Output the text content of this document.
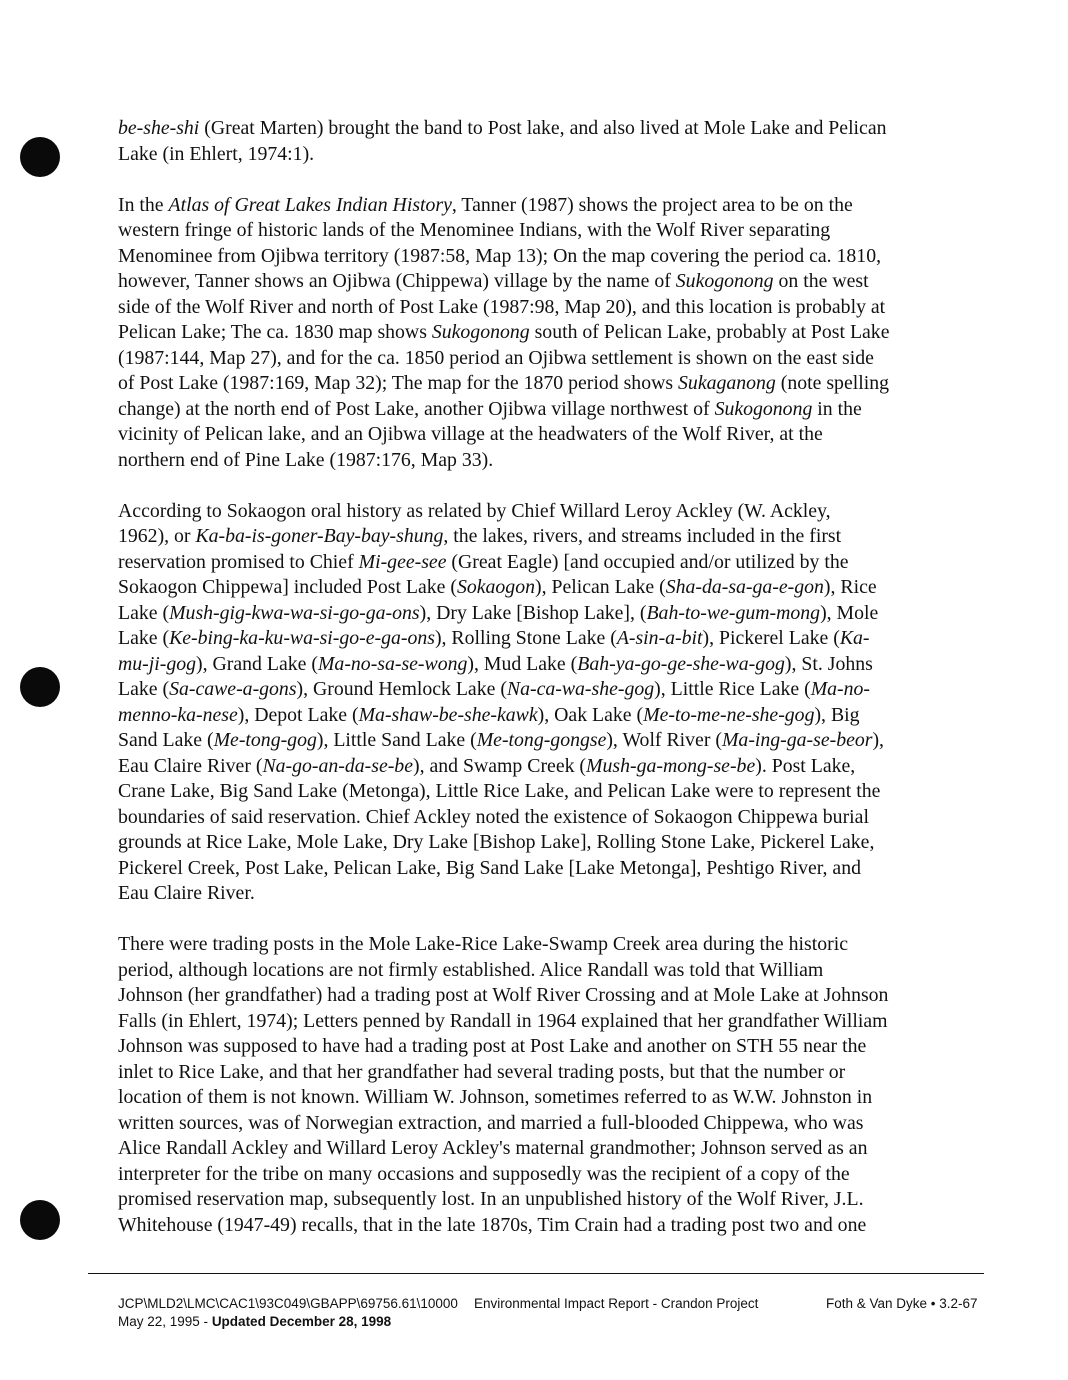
be-she-shi (Great Marten) brought the band to Post lake, and also lived at Mole Lake and Pelican
Lake (in Ehlert, 1974:1).

In the Atlas of Great Lakes Indian History, Tanner (1987) shows the project area to be on the
western fringe of historic lands of the Menominee Indians, with the Wolf River separating
Menominee from Ojibwa territory (1987:58, Map 13); On the map covering the period ca. 1810,
however, Tanner shows an Ojibwa (Chippewa) village by the name of Sukogonong on the west
side of the Wolf River and north of Post Lake (1987:98, Map 20), and this location is probably at
Pelican Lake; The ca. 1830 map shows Sukogonong south of Pelican Lake, probably at Post Lake
(1987:144, Map 27), and for the ca. 1850 period an Ojibwa settlement is shown on the east side
of Post Lake (1987:169, Map 32); The map for the 1870 period shows Sukaganong (note spelling
change) at the north end of Post Lake, another Ojibwa village northwest of Sukogonong in the
vicinity of Pelican lake, and an Ojibwa village at the headwaters of the Wolf River, at the
northern end of Pine Lake (1987:176, Map 33).

According to Sokaogon oral history as related by Chief Willard Leroy Ackley (W. Ackley,
1962), or Ka-ba-is-goner-Bay-bay-shung, the lakes, rivers, and streams included in the first
reservation promised to Chief Mi-gee-see (Great Eagle) [and occupied and/or utilized by the
Sokaogon Chippewa] included Post Lake (Sokaogon), Pelican Lake (Sha-da-sa-ga-e-gon), Rice
Lake (Mush-gig-kwa-wa-si-go-ga-ons), Dry Lake [Bishop Lake], (Bah-to-we-gum-mong), Mole
Lake (Ke-bing-ka-ku-wa-si-go-e-ga-ons), Rolling Stone Lake (A-sin-a-bit), Pickerel Lake (Ka-
mu-ji-gog), Grand Lake (Ma-no-sa-se-wong), Mud Lake (Bah-ya-go-ge-she-wa-gog), St. Johns
Lake (Sa-cawe-a-gons), Ground Hemlock Lake (Na-ca-wa-she-gog), Little Rice Lake (Ma-no-
menno-ka-nese), Depot Lake (Ma-shaw-be-she-kawk), Oak Lake (Me-to-me-ne-she-gog), Big
Sand Lake (Me-tong-gog), Little Sand Lake (Me-tong-gongse), Wolf River (Ma-ing-ga-se-beor),
Eau Claire River (Na-go-an-da-se-be), and Swamp Creek (Mush-ga-mong-se-be). Post Lake,
Crane Lake, Big Sand Lake (Metonga), Little Rice Lake, and Pelican Lake were to represent the
boundaries of said reservation. Chief Ackley noted the existence of Sokaogon Chippewa burial
grounds at Rice Lake, Mole Lake, Dry Lake [Bishop Lake], Rolling Stone Lake, Pickerel Lake,
Pickerel Creek, Post Lake, Pelican Lake, Big Sand Lake [Lake Metonga], Peshtigo River, and
Eau Claire River.

There were trading posts in the Mole Lake-Rice Lake-Swamp Creek area during the historic
period, although locations are not firmly established. Alice Randall was told that William
Johnson (her grandfather) had a trading post at Wolf River Crossing and at Mole Lake at Johnson
Falls (in Ehlert, 1974); Letters penned by Randall in 1964 explained that her grandfather William
Johnson was supposed to have had a trading post at Post Lake and another on STH 55 near the
inlet to Rice Lake, and that her grandfather had several trading posts, but that the number or
location of them is not known. William W. Johnson, sometimes referred to as W.W. Johnston in
written sources, was of Norwegian extraction, and married a full-blooded Chippewa, who was
Alice Randall Ackley and Willard Leroy Ackley's maternal grandmother; Johnson served as an
interpreter for the tribe on many occasions and supposedly was the recipient of a copy of the
promised reservation map, subsequently lost. In an unpublished history of the Wolf River, J.L.
Whitehouse (1947-49) recalls, that in the late 1870s, Tim Crain had a trading post two and one

JCP\MLD2\LMC\CAC1\93C049\GBAPP\69756.61\10000
May 22, 1995 - Updated December 28, 1998
Environmental Impact Report - Crandon Project	Foth & Van Dyke • 3.2-67
